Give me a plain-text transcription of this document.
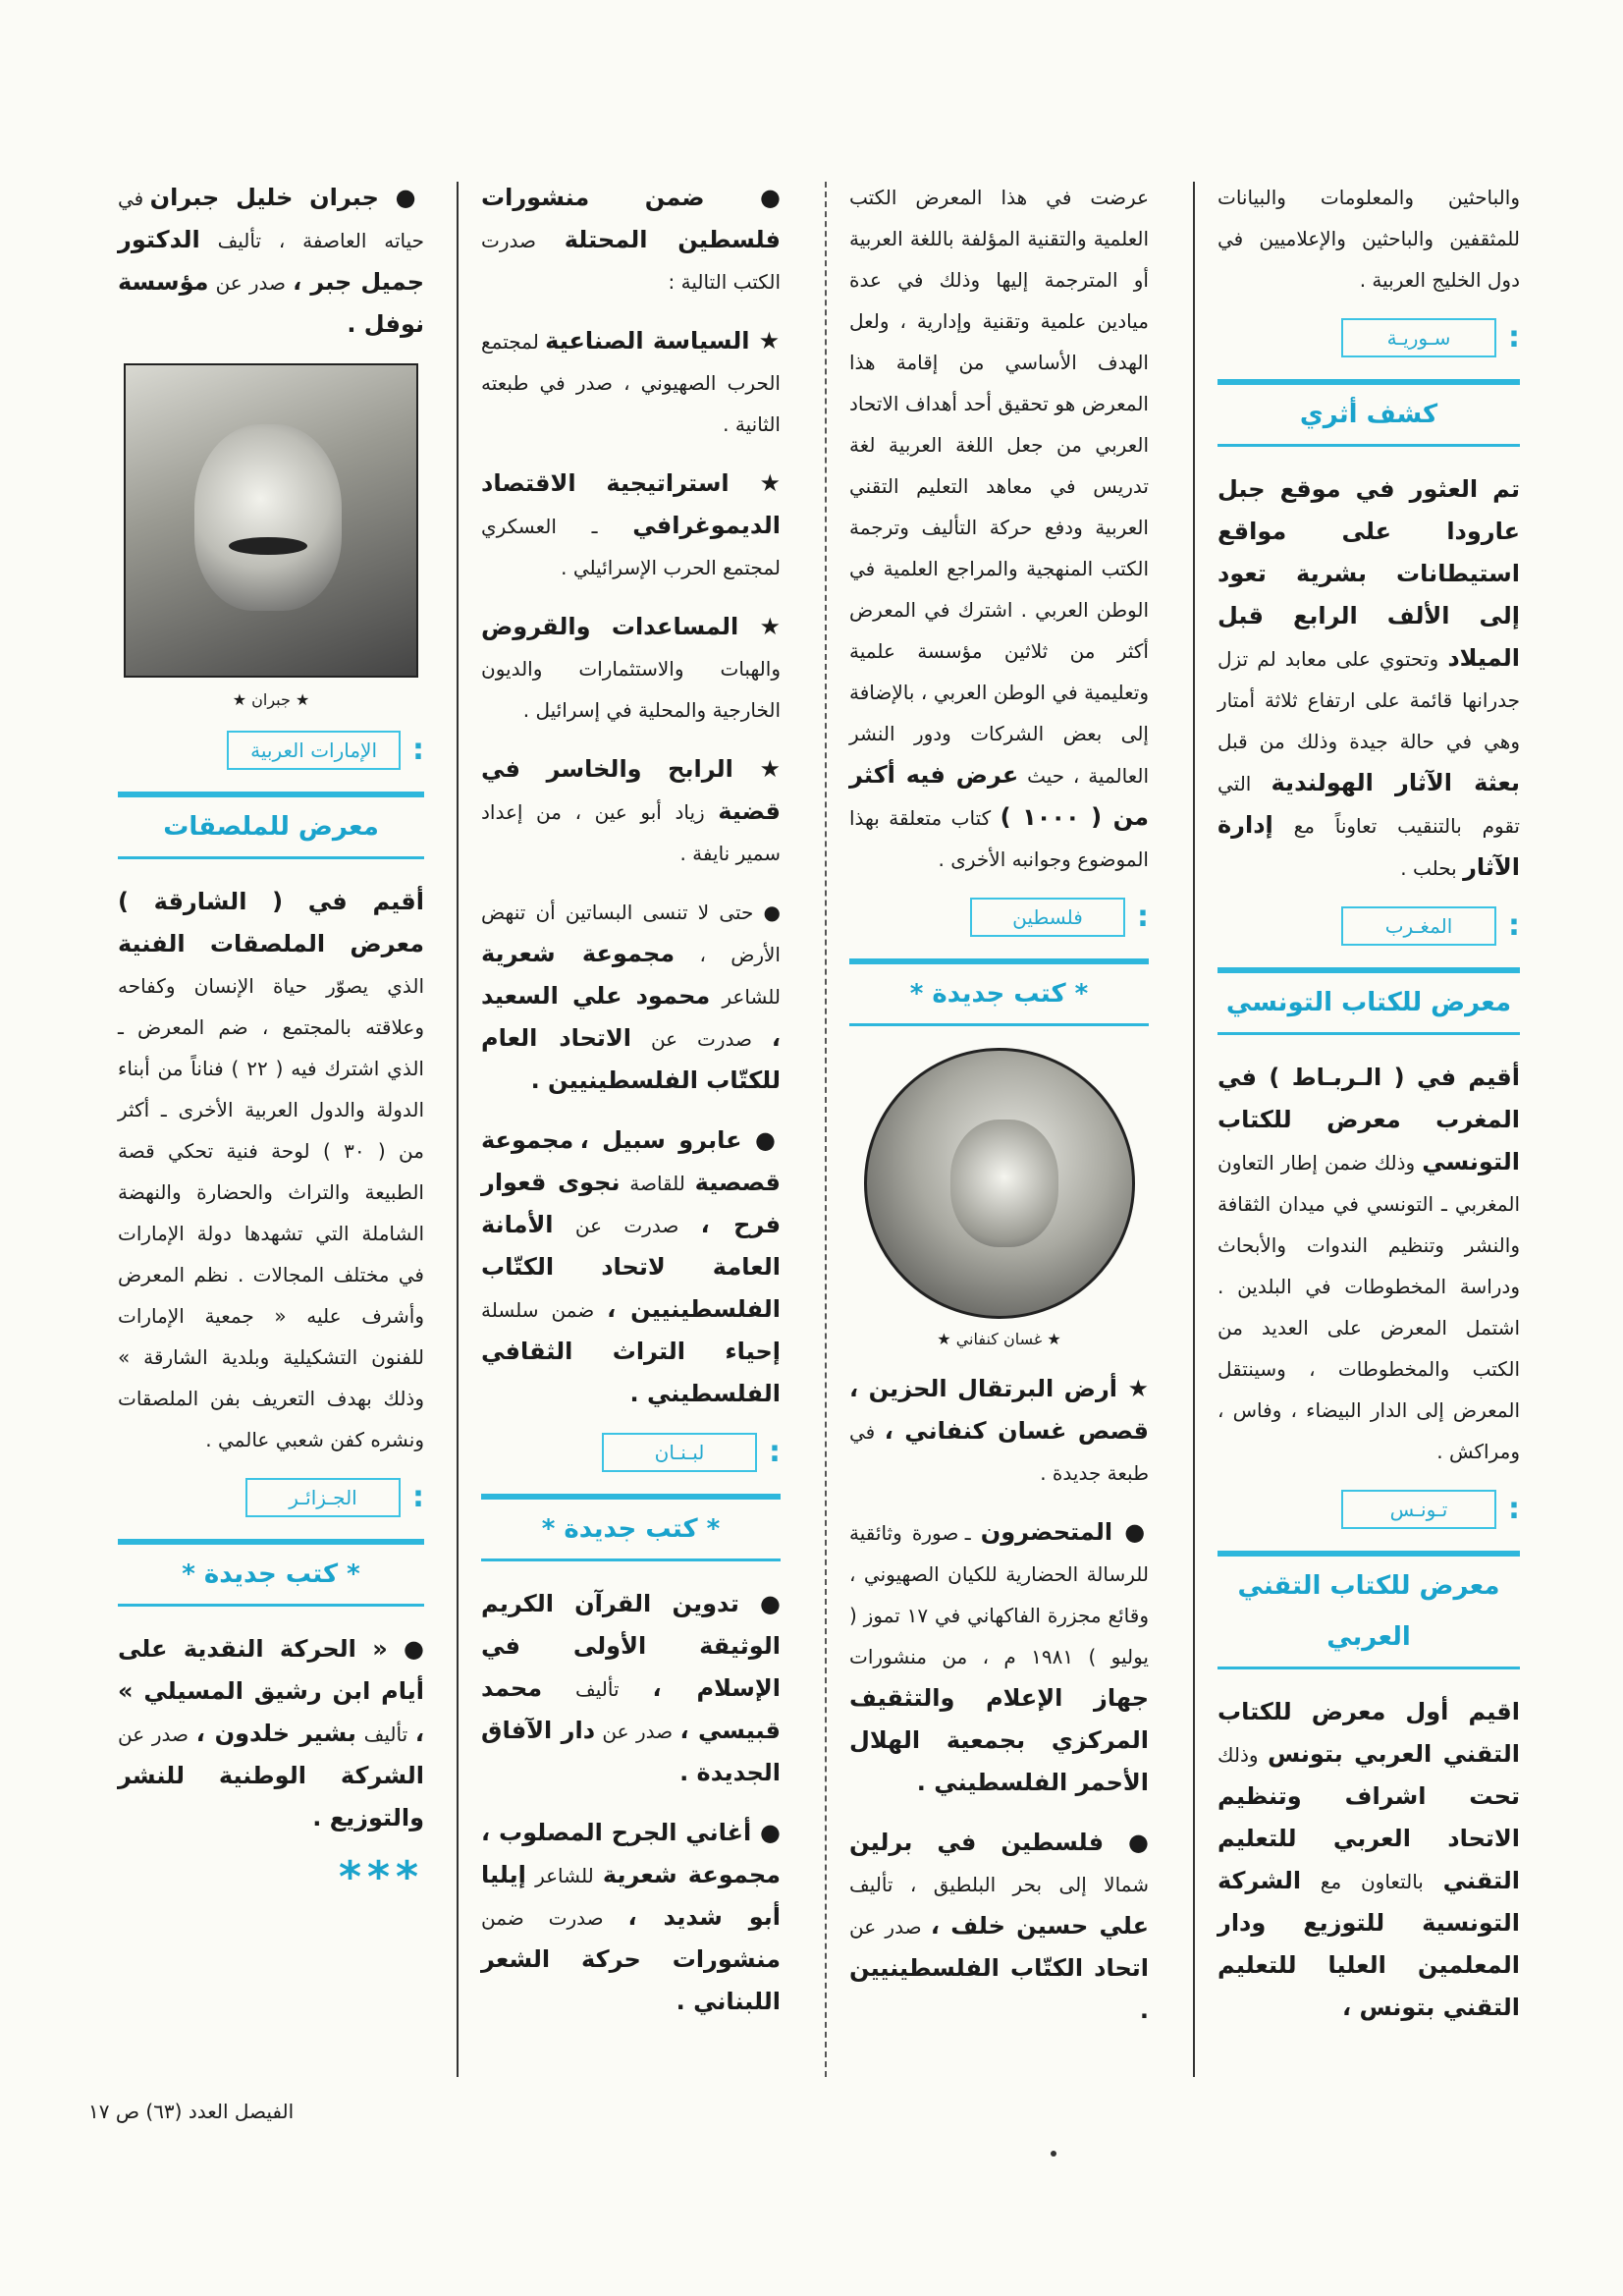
والباحثين والمعلومات والبيانات للمثقفين والباحثين والإعلاميين في دول الخليج العربية .

:
سـوريـة
كشف أثري

تم العثور في موقع جبل عارودا على مواقع استيطانات بشرية تعود إلى الألف الرابع قبل الميلاد وتحتوي على معابد لم تزل جدرانها قائمة على ارتفاع ثلاثة أمتار وهي في حالة جيدة وذلك من قبل بعثة الآثار الهولندية التي تقوم بالتنقيب تعاوناً مع إدارة الآثار بحلب .

:
المغـرب
معرض للكتاب التونسي

أقيم في ( الـربـاط ) في المغرب معرض للكتاب التونسي وذلك ضمن إطار التعاون المغربي ـ التونسي في ميدان الثقافة والنشر وتنظيم الندوات والأبحاث ودراسة المخطوطات في البلدين . اشتمل المعرض على العديد من الكتب والمخطوطات ، وسينتقل المعرض إلى الدار البيضاء ، وفاس ، ومراكش .

:
تـونـس
معرض للكتاب التقني العربي

اقيم أول معرض للكتاب التقني العربي بتونس وذلك تحت اشراف وتنظيم الاتحاد العربي للتعليم التقني بالتعاون مع الشركة التونسية للتوزيع ودار المعلمين العليا للتعليم التقني بتونس ،

عرضت في هذا المعرض الكتب العلمية والتقنية المؤلفة باللغة العربية أو المترجمة إليها وذلك في عدة ميادين علمية وتقنية وإدارية ، ولعل الهدف الأساسي من إقامة هذا المعرض هو تحقيق أحد أهداف الاتحاد العربي من جعل اللغة العربية لغة تدريس في معاهد التعليم التقني العربية ودفع حركة التأليف وترجمة الكتب المنهجية والمراجع العلمية في الوطن العربي . اشترك في المعرض أكثر من ثلاثين مؤسسة علمية وتعليمية في الوطن العربي ، بالإضافة إلى بعض الشركات ودور النشر العالمية ، حيث عرض فيه أكثر من ( ١٠٠٠ ) كتاب متعلقة بهذا الموضوع وجوانبه الأخرى .

:
فلسطين
* كتب جديدة *
★ غسان كنفاني ★

★ أرض البرتقال الحزين ، قصص غسان كنفاني ، في طبعة جديدة .

● المتحضرون ـ صورة وثائقية للرسالة الحضارية للكيان الصهيوني ، وقائع مجزرة الفاكهاني في ١٧ تموز ( يوليو ) ١٩٨١ م ، من منشورات جهاز الإعلام والتثقيف المركزي بجمعية الهلال الأحمر الفلسطيني .

● فلسطين في برلين شمالا إلى بحر البلطيق ، تأليف علي حسين خلف ، صدر عن اتحاد الكتّاب الفلسطينيين .

● ضمن منشورات فلسطين المحتلة صدرت الكتب التالية :

★ السياسة الصناعية لمجتمع الحرب الصهيوني ، صدر في طبعته الثانية .

★ استراتيجية الاقتصاد الديموغرافي ـ العسكري لمجتمع الحرب الإسرائيلي .

★ المساعدات والقروض والهبات والاستثمارات والديون الخارجية والمحلية في إسرائيل .

★ الرابح والخاسر في قضية زياد أبو عين ، من إعداد سمير نايفة .

● حتى لا تنسى البساتين أن تنهض الأرض ، مجموعة شعرية للشاعر محمود علي السعيد ، صدرت عن الاتحاد العام للكتّاب الفلسطينيين .

● عابرو سبيل ، مجموعة قصصية للقاصة نجوى قعوار فرح ، صدرت عن الأمانة العامة لاتحاد الكتّاب الفلسطينيين ، ضمن سلسلة إحياء التراث الثقافي الفلسطيني .

:
لبـنـان
* كتب جديدة *

● تدوين القرآن الكريم الوثيقة الأولى في الإسلام ، تأليف محمد قبيسي ، صدر عن دار الآفاق الجديدة .

● أغاني الجرح المصلوب ، مجموعة شعرية للشاعر إيليا أبو شديد ، صدرت ضمن منشورات حركة الشعر اللبناني .

● جبران خليل جبران في حياته العاصفة ، تأليف الدكتور جميل جبر ، صدر عن مؤسسة نوفل .

★ جبران ★
:
الإمارات العربية
معرض للملصقات

أقيم في ( الشارقة ) معرض الملصقات الفنية الذي يصوّر حياة الإنسان وكفاحه وعلاقته بالمجتمع ، ضم المعرض ـ الذي اشترك فيه ( ٢٢ ) فناناً من أبناء الدولة والدول العربية الأخرى ـ أكثر من ( ٣٠ ) لوحة فنية تحكي قصة الطبيعة والتراث والحضارة والنهضة الشاملة التي تشهدها دولة الإمارات في مختلف المجالات . نظم المعرض وأشرف عليه « جمعية الإمارات للفنون التشكيلية وبلدية الشارقة » وذلك بهدف التعريف بفن الملصقات ونشره كفن شعبي عالمي .

:
الجـزائـر
* كتب جديدة *

● « الحركة النقدية على أيام ابن رشيق المسيلي » ، تأليف بشير خلدون ، صدر عن الشركة الوطنية للنشر والتوزيع .

***
الفيصل العدد (٦٣) ص ١٧
